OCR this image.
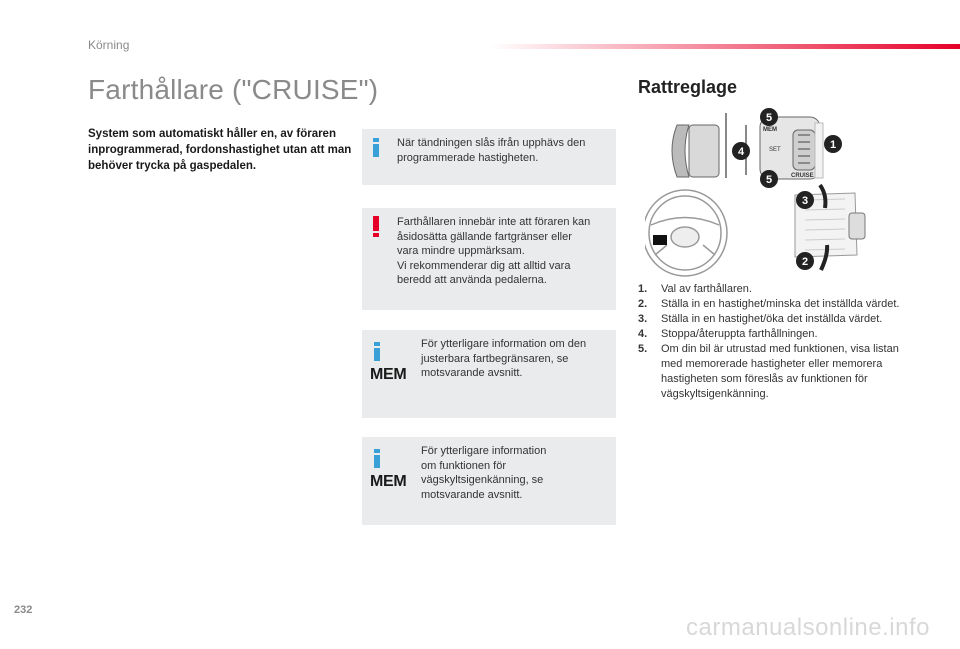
Körning
Farthållare ("CRUISE")

System som automatiskt håller en, av föraren inprogrammerad, fordonshastighet utan att man behöver trycka på gaspedalen.

När tändningen slås ifrån upphävs den
programmerade hastigheten.
Farthållaren innebär inte att föraren kan
åsidosätta gällande fartgränser eller
vara mindre uppmärksam.
Vi rekommenderar dig att alltid vara
beredd att använda pedalerna.
MEM
För ytterligare information om den
justerbara fartbegränsaren, se
motsvarande avsnitt.
MEM
För ytterligare information
om funktionen för
vägskyltsigenkänning, se
motsvarande avsnitt.
Rattreglage
MEM
SET
CRUISE
1
2
3
4
5
5
1. Val av farthållaren.
2. Ställa in en hastighet/minska det inställda värdet.
3. Ställa in en hastighet/öka det inställda värdet.
4. Stoppa/återuppta farthållningen.
5. Om din bil är utrustad med funktionen, visa listan med memorerade hastigheter eller memorera hastigheten som föreslås av funktionen för vägskyltsigenkänning.
232
carmanualsonline.info
